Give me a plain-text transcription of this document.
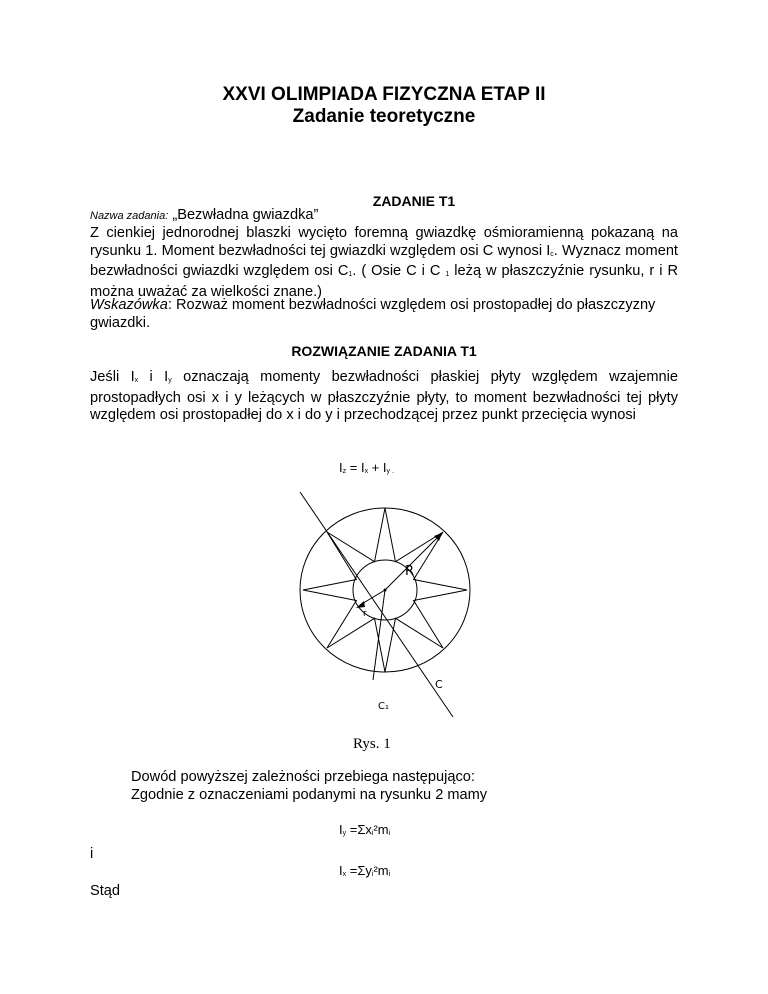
XXVI OLIMPIADA FIZYCZNA ETAP II
Zadanie teoretyczne
ZADANIE T1
Nazwa zadania: „Bezwładna gwiazdka”
Z cienkiej jednorodnej blaszki wycięto foremną gwiazdkę ośmioramienną pokazaną na rysunku 1. Moment bezwładności tej gwiazdki względem osi C wynosi Ic. Wyznacz moment bezwładności gwiazdki względem osi C1. ( Osie C i C 1 leżą w płaszczyźnie rysunku, r i R można uważać za wielkości znane.)
Wskazówka: Rozważ moment bezwładności względem osi prostopadłej do płaszczyzny gwiazdki.
ROZWIĄZANIE ZADANIA T1
Jeśli Ix i Iy oznaczają momenty bezwładności płaskiej płyty względem wzajemnie prostopadłych osi x i y leżących w płaszczyźnie płyty, to moment bezwładności tej płyty względem osi prostopadłej do x i do y i przechodzącej przez punkt przecięcia wynosi
Iz = Ix + Iy .
R
r
C
C₁
Rys. 1
Dowód powyższej zależności przebiega następująco:
Zgodnie z oznaczeniami podanymi na rysunku 2 mamy
Iy =Σxi²mi
i
Ix =Σyi²mi
Stąd
